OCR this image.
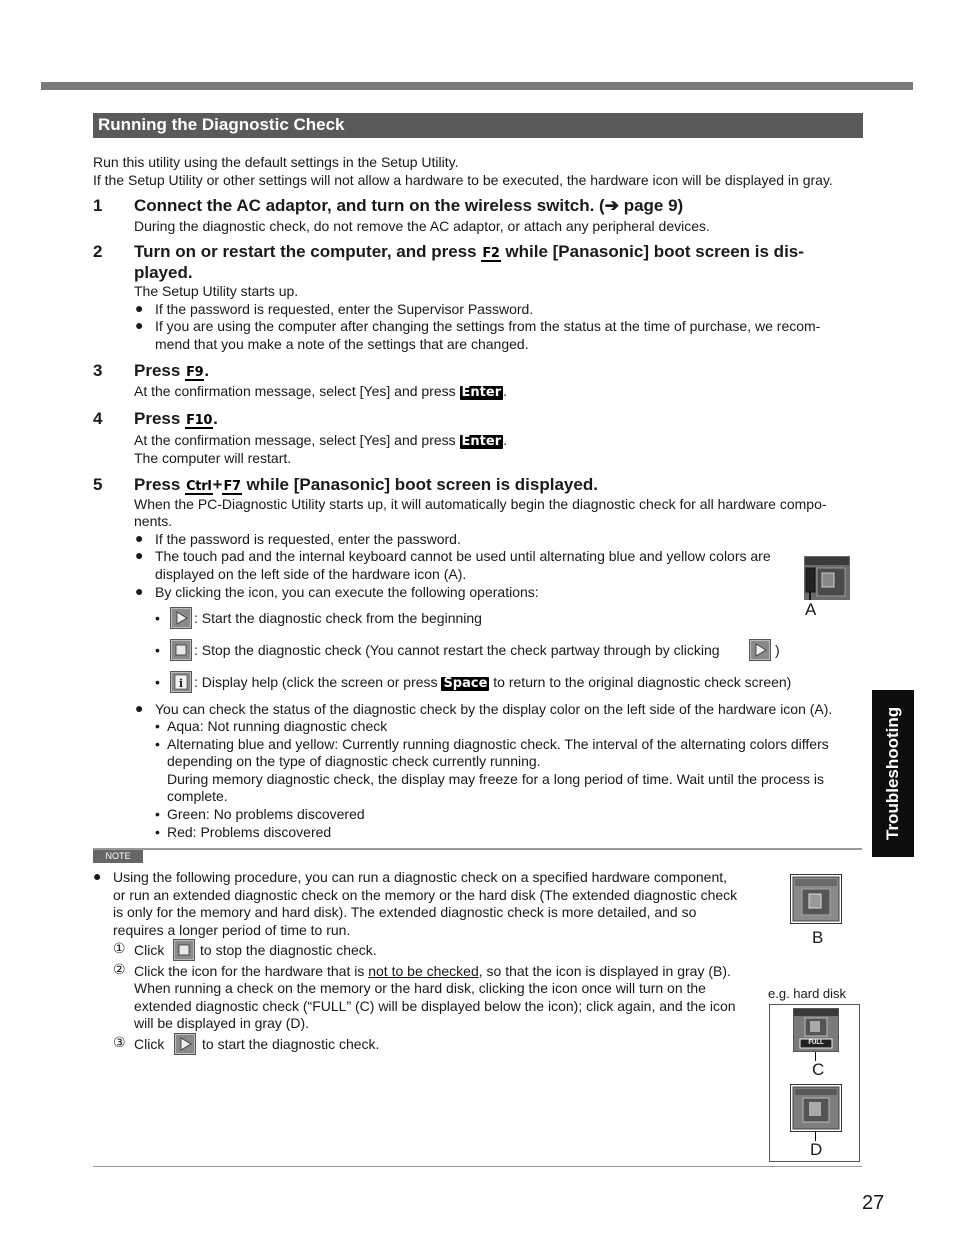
Running the Diagnostic Check
Run this utility using the default settings in the Setup Utility.
If the Setup Utility or other settings will not allow a hardware to be executed, the hardware icon will be displayed in gray.
1 Connect the AC adaptor, and turn on the wireless switch. (➔ page 9)
During the diagnostic check, do not remove the AC adaptor, or attach any peripheral devices.
2 Turn on or restart the computer, and press F2 while [Panasonic] boot screen is dis-
played.
The Setup Utility starts up.
● If the password is requested, enter the Supervisor Password.
● If you are using the computer after changing the settings from the status at the time of purchase, we recom-
mend that you make a note of the settings that are changed.
3 Press F9.
At the confirmation message, select [Yes] and press Enter .
4 Press F10.
At the confirmation message, select [Yes] and press Enter .
The computer will restart.
5 Press Ctrl+F7 while [Panasonic] boot screen is displayed.
When the PC-Diagnostic Utility starts up, it will automatically begin the diagnostic check for all hardware compo-
nents.
● If the password is requested, enter the password.
● The touch pad and the internal keyboard cannot be used until alternating blue and yellow colors are
displayed on the left side of the hardware icon (A).
● By clicking the icon, you can execute the following operations:
A
• : Start the diagnostic check from the beginning
• : Stop the diagnostic check (You cannot restart the check partway through by clicking	)
• i : Display help (click the screen or press Space to return to the original diagnostic check screen)
● You can check the status of the diagnostic check by the display color on the left side of the hardware icon (A).
• Aqua: Not running diagnostic check
• Alternating blue and yellow: Currently running diagnostic check. The interval of the alternating colors differs
depending on the type of diagnostic check currently running.
During memory diagnostic check, the display may freeze for a long period of time. Wait until the process is
complete.
• Green: No problems discovered
• Red: Problems discovered	Troubleshooting
NOTE
● Using the following procedure, you can run a diagnostic check on a specified hardware component,
or run an extended diagnostic check on the memory or the hard disk (The extended diagnostic check
is only for the memory and hard disk). The extended diagnostic check is more detailed, and so
requires a longer period of time to run.
① Click	to stop the diagnostic check.
② Click the icon for the hardware that is not to be checked, so that the icon is displayed in gray (B).
When running a check on the memory or the hard disk, clicking the icon once will turn on the
extended diagnostic check (“FULL” (C) will be displayed below the icon); click again, and the icon
will be displayed in gray (D).
③ Click	to start the diagnostic check.
B
e.g. hard disk
FULL
C
D
27
